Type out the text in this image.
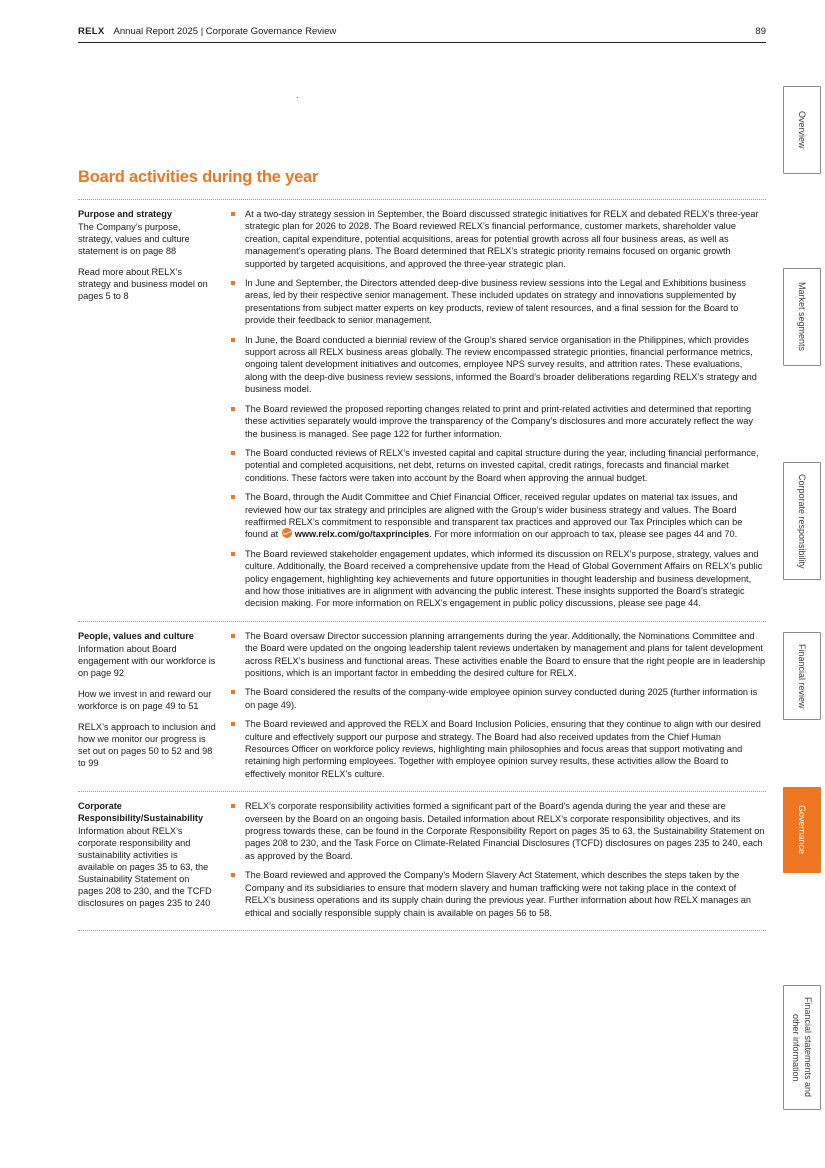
RELX Annual Report 2025 | Corporate Governance Review	89
.
Board activities during the year
Purpose and strategy

The Company’s purpose, strategy, values and culture statement is on page 88

Read more about RELX’s strategy and business model on pages 5 to 8

At a two-day strategy session in September, the Board discussed strategic initiatives for RELX and debated RELX’s three-year strategic plan for 2026 to 2028. The Board reviewed RELX’s financial performance, customer markets, shareholder value creation, capital expenditure, potential acquisitions, areas for potential growth across all four business areas, as well as management’s operating plans. The Board determined that RELX’s strategic priority remains focused on organic growth supported by targeted acquisitions, and approved the three-year strategic plan.
In June and September, the Directors attended deep-dive business review sessions into the Legal and Exhibitions business areas, led by their respective senior management. These included updates on strategy and innovations supplemented by presentations from subject matter experts on key products, review of talent resources, and a final session for the Board to provide their feedback to senior management.
In June, the Board conducted a biennial review of the Group’s shared service organisation in the Philippines, which provides support across all RELX business areas globally. The review encompassed strategic priorities, financial performance metrics, ongoing talent development initiatives and outcomes, employee NPS survey results, and attrition rates. These evaluations, along with the deep-dive business review sessions, informed the Board’s broader deliberations regarding RELX’s strategy and business model.
The Board reviewed the proposed reporting changes related to print and print-related activities and determined that reporting these activities separately would improve the transparency of the Company’s disclosures and more accurately reflect the way the business is managed. See page 122 for further information.
The Board conducted reviews of RELX’s invested capital and capital structure during the year, including financial performance, potential and completed acquisitions, net debt, returns on invested capital, credit ratings, forecasts and financial market conditions. These factors were taken into account by the Board when approving the annual budget.
The Board, through the Audit Committee and Chief Financial Officer, received regular updates on material tax issues, and reviewed how our tax strategy and principles are aligned with the Group’s wider business strategy and values. The Board reaffirmed RELX’s commitment to responsible and transparent tax practices and approved our Tax Principles which can be found at www.relx.com/go/taxprinciples. For more information on our approach to tax, please see pages 44 and 70.
The Board reviewed stakeholder engagement updates, which informed its discussion on RELX’s purpose, strategy, values and culture. Additionally, the Board received a comprehensive update from the Head of Global Government Affairs on RELX’s public policy engagement, highlighting key achievements and future opportunities in thought leadership and business development, and how those initiatives are in alignment with advancing the public interest. These insights supported the Board’s strategic decision making. For more information on RELX’s engagement in public policy discussions, please see page 44.
People, values and culture

Information about Board engagement with our workforce is on page 92

How we invest in and reward our workforce is on page 49 to 51

RELX’s approach to inclusion and how we monitor our progress is set out on pages 50 to 52 and 98 to 99

The Board oversaw Director succession planning arrangements during the year. Additionally, the Nominations Committee and the Board were updated on the ongoing leadership talent reviews undertaken by management and plans for talent development across RELX’s business and functional areas. These activities enable the Board to ensure that the right people are in leadership positions, which is an important factor in embedding the desired culture for RELX.
The Board considered the results of the company-wide employee opinion survey conducted during 2025 (further information is on page 49).
The Board reviewed and approved the RELX and Board Inclusion Policies, ensuring that they continue to align with our desired culture and effectively support our purpose and strategy. The Board had also received updates from the Chief Human Resources Officer on workforce policy reviews, highlighting main philosophies and focus areas that support motivating and retaining high performing employees. Together with employee opinion survey results, these activities allow the Board to effectively monitor RELX’s culture.
Corporate Responsibility/Sustainability

Information about RELX’s corporate responsibility and sustainability activities is available on pages 35 to 63, the Sustainability Statement on pages 208 to 230, and the TCFD disclosures on pages 235 to 240

RELX’s corporate responsibility activities formed a significant part of the Board’s agenda during the year and these are overseen by the Board on an ongoing basis. Detailed information about RELX’s corporate responsibility objectives, and its progress towards these, can be found in the Corporate Responsibility Report on pages 35 to 63, the Sustainability Statement on pages 208 to 230, and the Task Force on Climate-Related Financial Disclosures (TCFD) disclosures on pages 235 to 240, each as approved by the Board.
The Board reviewed and approved the Company’s Modern Slavery Act Statement, which describes the steps taken by the Company and its subsidiaries to ensure that modern slavery and human trafficking were not taking place in the context of RELX’s business operations and its supply chain during the previous year. Further information about how RELX manages an ethical and socially responsible supply chain is available on pages 56 to 58.
Overview
Market segments
Corporate responsibility
Financial review
Governance
Financial statements and other information
